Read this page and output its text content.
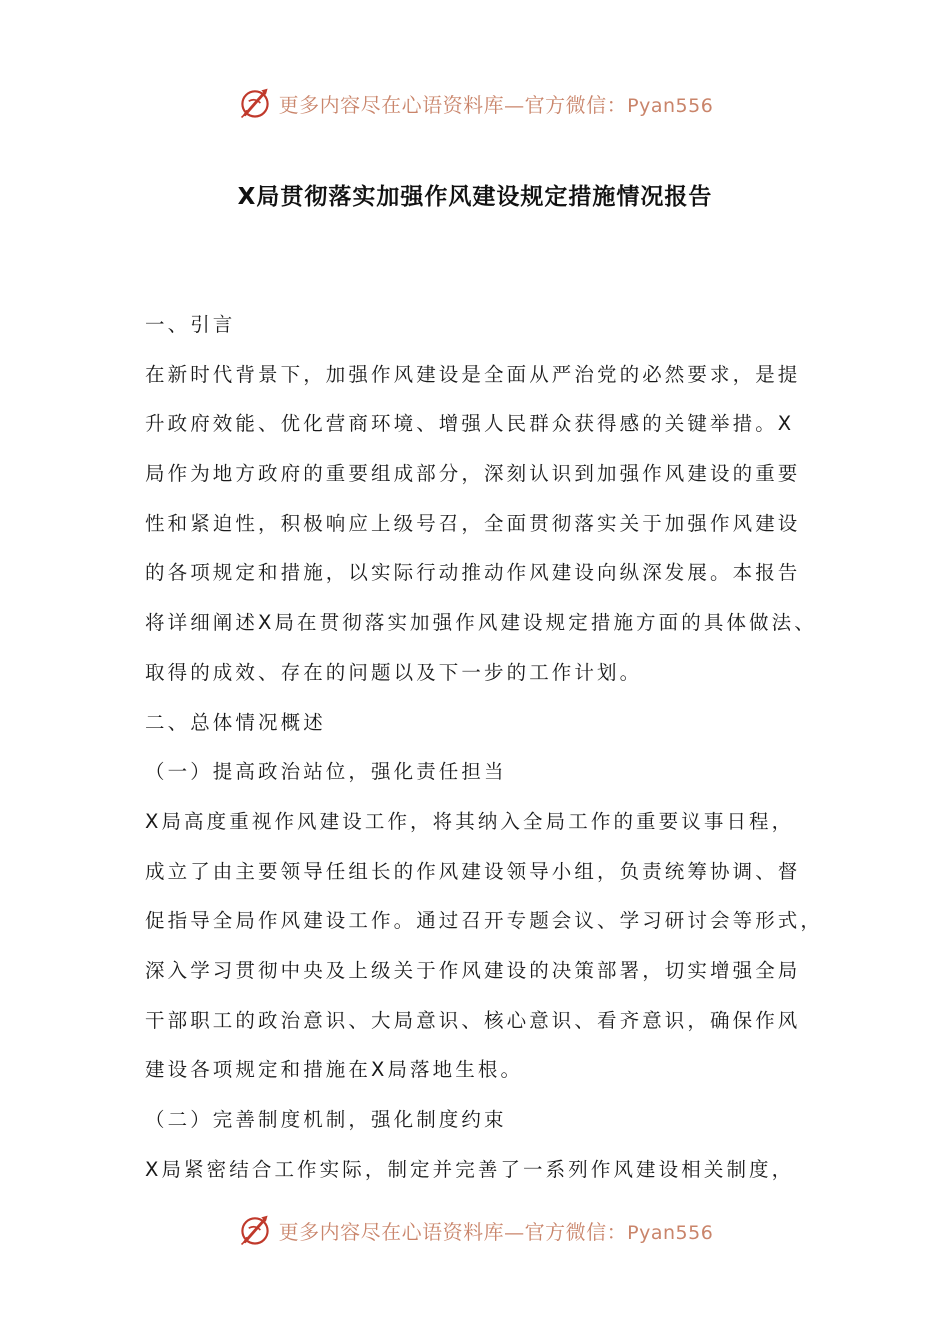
更多内容尽在心语资料库—官方微信：Pyan556
X局贯彻落实加强作风建设规定措施情况报告
一、引言
在新时代背景下，加强作风建设是全面从严治党的必然要求，是提
升政府效能、优化营商环境、增强人民群众获得感的关键举措。X
局作为地方政府的重要组成部分，深刻认识到加强作风建设的重要
性和紧迫性，积极响应上级号召，全面贯彻落实关于加强作风建设
的各项规定和措施，以实际行动推动作风建设向纵深发展。本报告
将详细阐述X局在贯彻落实加强作风建设规定措施方面的具体做法、
取得的成效、存在的问题以及下一步的工作计划。
二、总体情况概述
（一）提高政治站位，强化责任担当
X局高度重视作风建设工作，将其纳入全局工作的重要议事日程，
成立了由主要领导任组长的作风建设领导小组，负责统筹协调、督
促指导全局作风建设工作。通过召开专题会议、学习研讨会等形式，
深入学习贯彻中央及上级关于作风建设的决策部署，切实增强全局
干部职工的政治意识、大局意识、核心意识、看齐意识，确保作风
建设各项规定和措施在X局落地生根。
（二）完善制度机制，强化制度约束
X局紧密结合工作实际，制定并完善了一系列作风建设相关制度，
更多内容尽在心语资料库—官方微信：Pyan556
